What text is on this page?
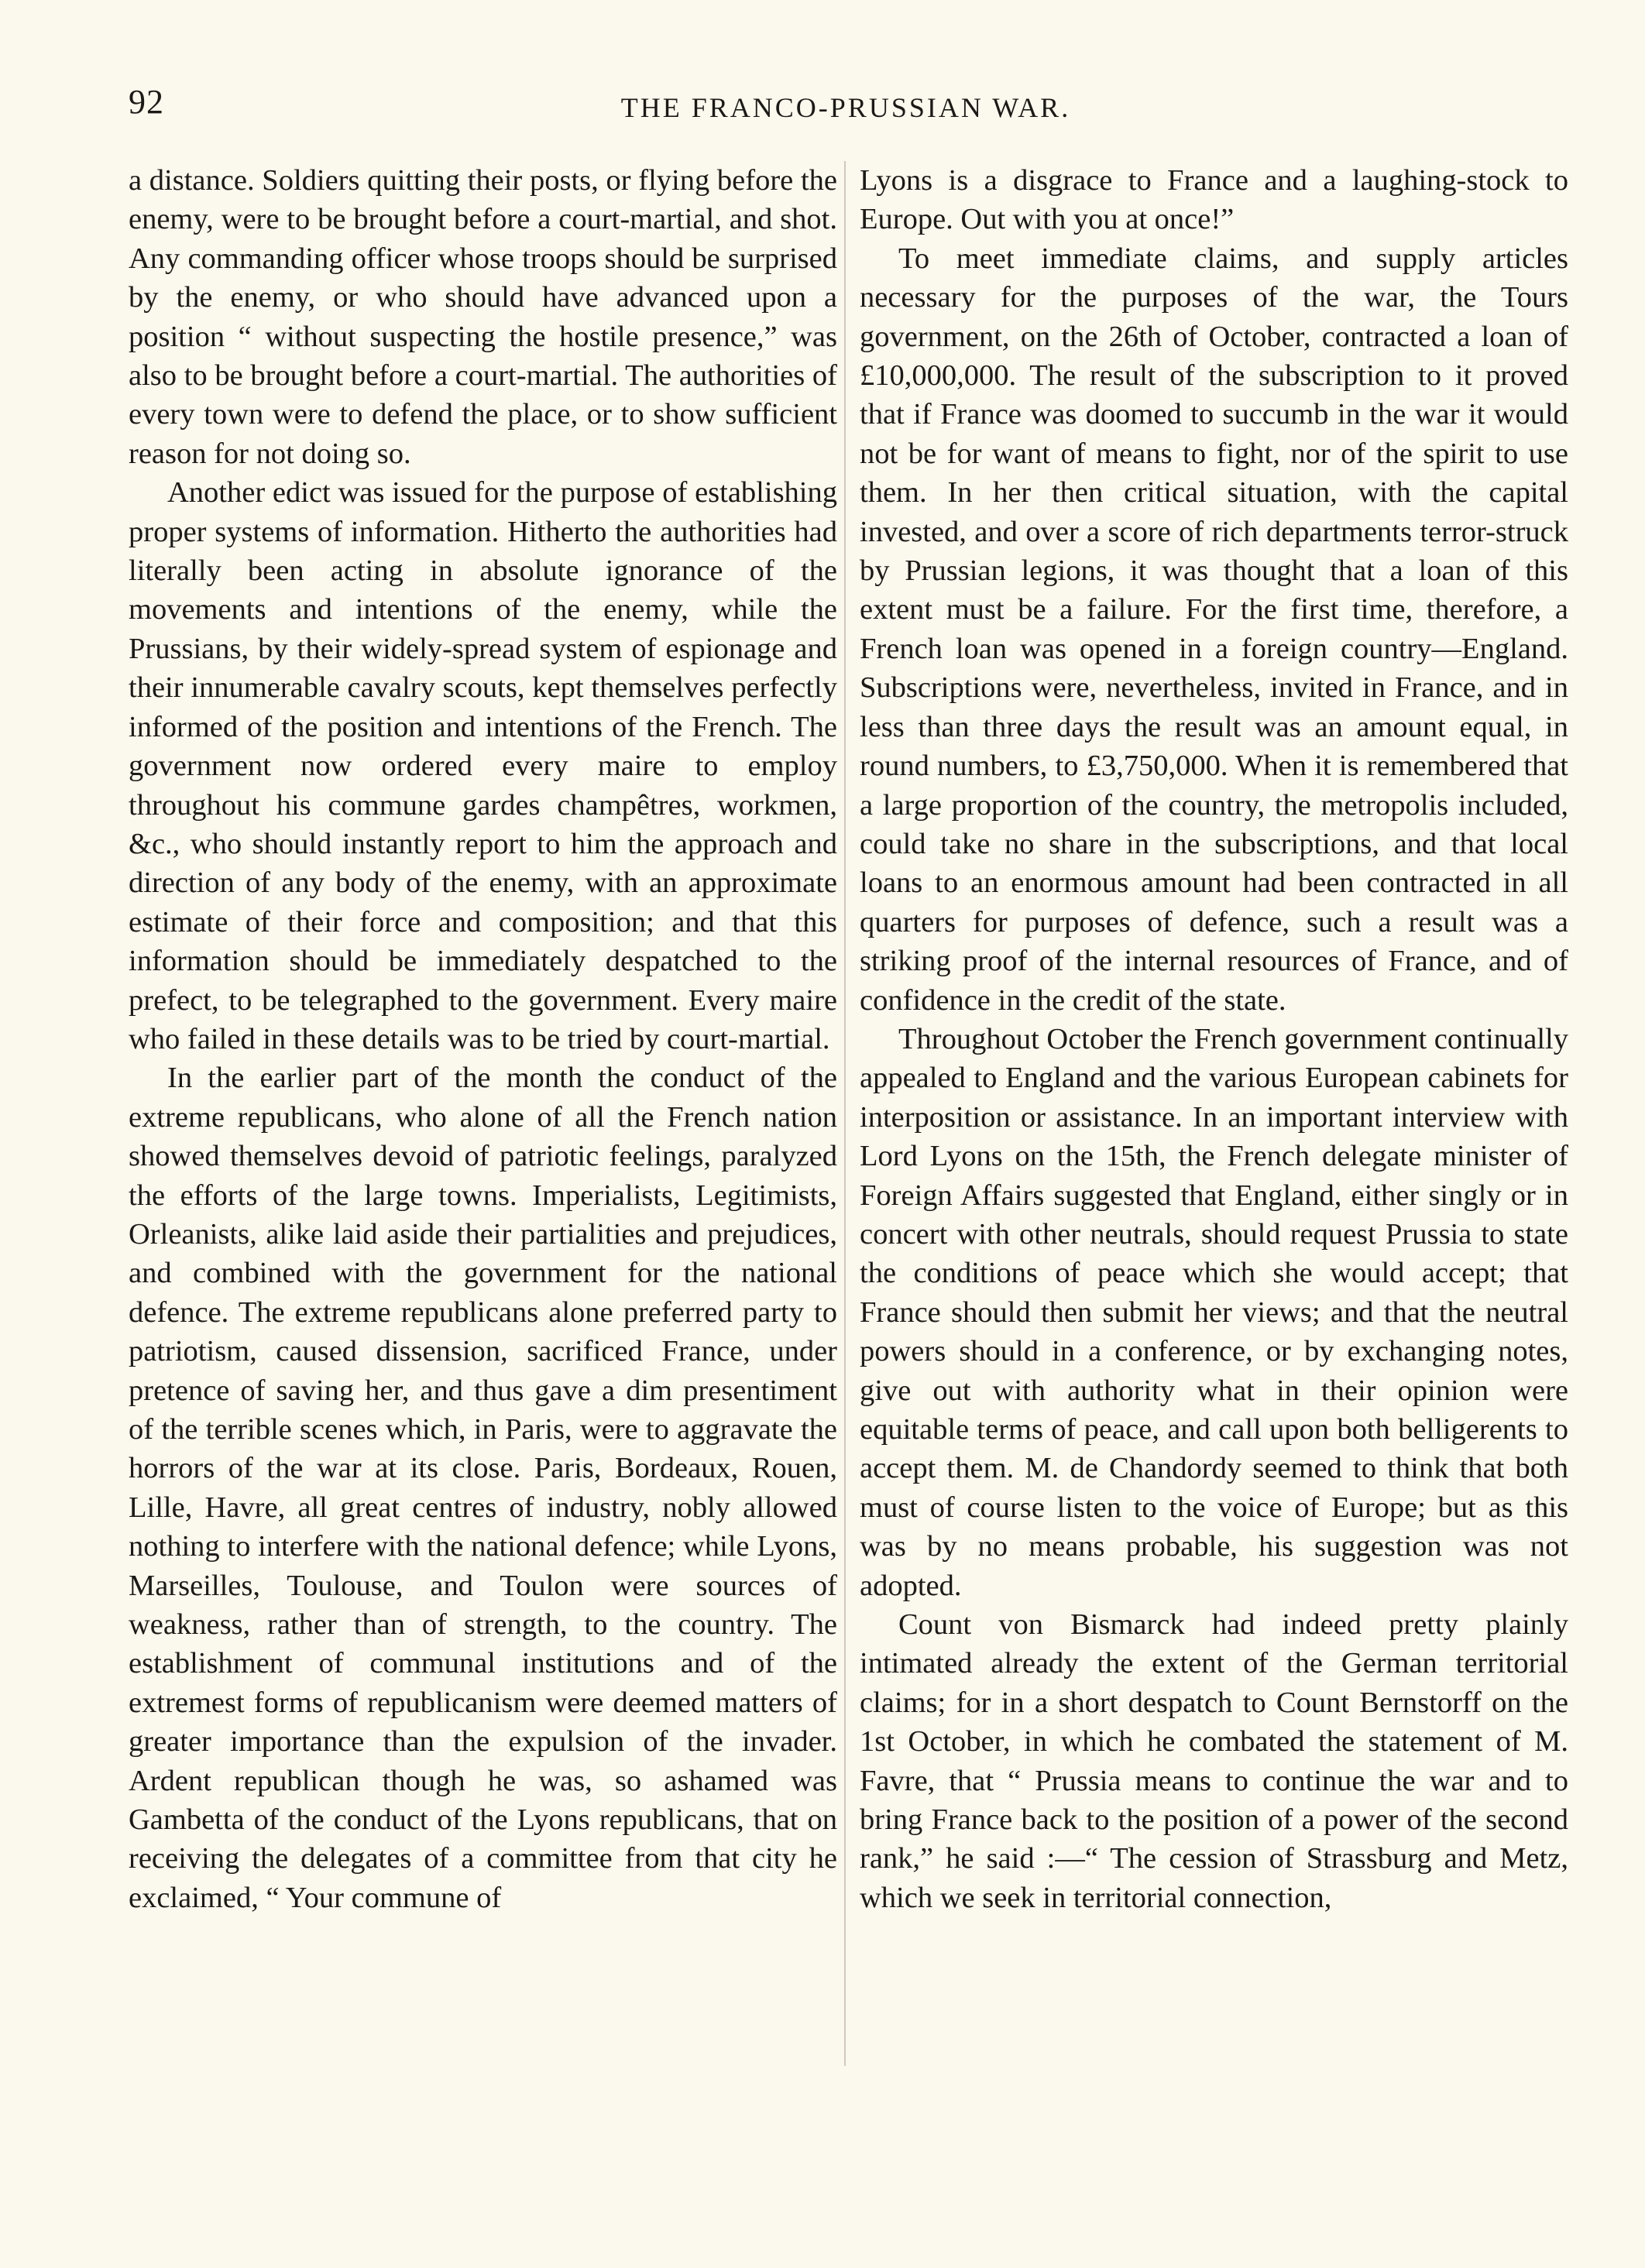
92	THE FRANCO-PRUSSIAN WAR.

a distance. Soldiers quitting their posts, or flying before the enemy, were to be brought before a court-martial, and shot. Any commanding officer whose troops should be surprised by the enemy, or who should have advanced upon a position “ without suspecting the hostile presence,” was also to be brought before a court-martial. The authorities of every town were to defend the place, or to show sufficient reason for not doing so.

Another edict was issued for the purpose of establishing proper systems of information. Hitherto the authorities had literally been acting in absolute ignorance of the movements and intentions of the enemy, while the Prussians, by their widely-spread system of espionage and their innumerable cavalry scouts, kept themselves perfectly informed of the position and intentions of the French. The government now ordered every maire to employ throughout his commune gardes champêtres, workmen, &c., who should instantly report to him the approach and direction of any body of the enemy, with an approximate estimate of their force and composition; and that this information should be immediately despatched to the prefect, to be telegraphed to the government. Every maire who failed in these details was to be tried by court-martial.

In the earlier part of the month the conduct of the extreme republicans, who alone of all the French nation showed themselves devoid of patriotic feelings, paralyzed the efforts of the large towns. Imperialists, Legitimists, Orleanists, alike laid aside their partialities and prejudices, and combined with the government for the national defence. The extreme republicans alone preferred party to patriotism, caused dissension, sacrificed France, under pretence of saving her, and thus gave a dim presentiment of the terrible scenes which, in Paris, were to aggravate the horrors of the war at its close. Paris, Bordeaux, Rouen, Lille, Havre, all great centres of industry, nobly allowed nothing to interfere with the national defence; while Lyons, Marseilles, Toulouse, and Toulon were sources of weakness, rather than of strength, to the country. The establishment of communal institutions and of the extremest forms of republicanism were deemed matters of greater importance than the expulsion of the invader. Ardent republican though he was, so ashamed was Gambetta of the conduct of the Lyons republicans, that on receiving the delegates of a committee from that city he exclaimed, “ Your commune of

Lyons is a disgrace to France and a laughing-stock to Europe. Out with you at once!”

To meet immediate claims, and supply articles necessary for the purposes of the war, the Tours government, on the 26th of October, contracted a loan of £10,000,000. The result of the subscription to it proved that if France was doomed to succumb in the war it would not be for want of means to fight, nor of the spirit to use them. In her then critical situation, with the capital invested, and over a score of rich departments terror-struck by Prussian legions, it was thought that a loan of this extent must be a failure. For the first time, therefore, a French loan was opened in a foreign country—England. Subscriptions were, nevertheless, invited in France, and in less than three days the result was an amount equal, in round numbers, to £3,750,000. When it is remembered that a large proportion of the country, the metropolis included, could take no share in the subscriptions, and that local loans to an enormous amount had been contracted in all quarters for purposes of defence, such a result was a striking proof of the internal resources of France, and of confidence in the credit of the state.

Throughout October the French government continually appealed to England and the various European cabinets for interposition or assistance. In an important interview with Lord Lyons on the 15th, the French delegate minister of Foreign Affairs suggested that England, either singly or in concert with other neutrals, should request Prussia to state the conditions of peace which she would accept; that France should then submit her views; and that the neutral powers should in a conference, or by exchanging notes, give out with authority what in their opinion were equitable terms of peace, and call upon both belligerents to accept them. M. de Chandordy seemed to think that both must of course listen to the voice of Europe; but as this was by no means probable, his suggestion was not adopted.

Count von Bismarck had indeed pretty plainly intimated already the extent of the German territorial claims; for in a short despatch to Count Bernstorff on the 1st October, in which he combated the statement of M. Favre, that “ Prussia means to continue the war and to bring France back to the position of a power of the second rank,” he said :—“ The cession of Strassburg and Metz, which we seek in territorial connection,
